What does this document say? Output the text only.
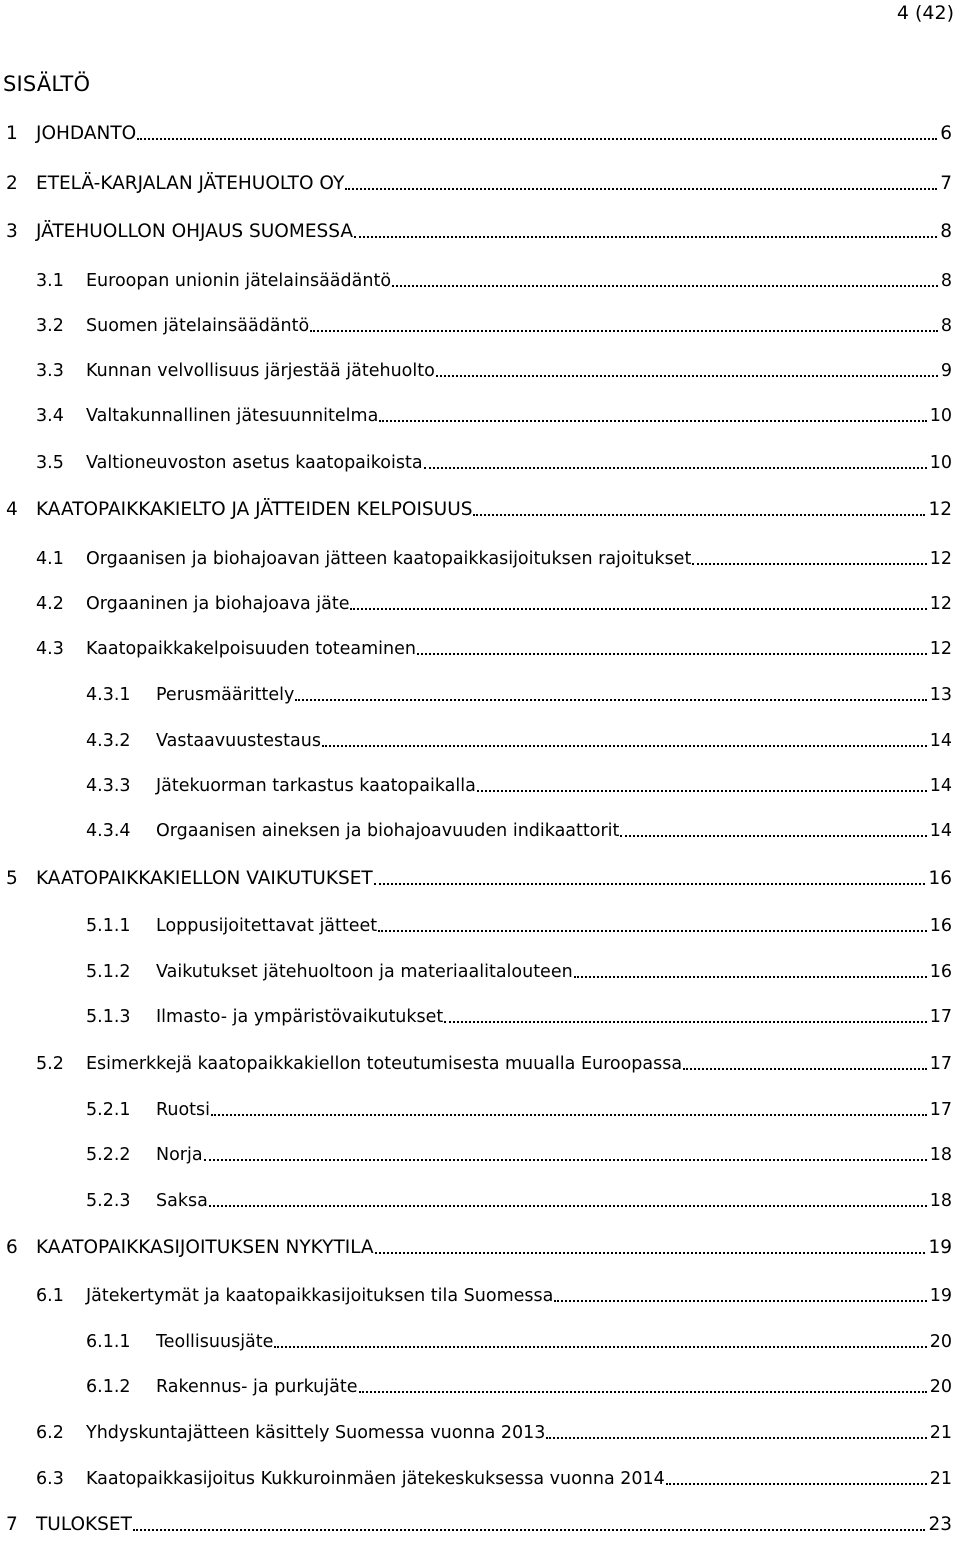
4 (42)
SISÄLTÖ
1 JOHDANTO	6
2 ETELÄ-KARJALAN JÄTEHUOLTO OY	7
3 JÄTEHUOLLON OHJAUS SUOMESSA	8
3.1	Euroopan unionin jätelainsäädäntö	8
3.2	Suomen jätelainsäädäntö	8
3.3	Kunnan velvollisuus järjestää jätehuolto	9
3.4	Valtakunnallinen jätesuunnitelma	10
3.5	Valtioneuvoston asetus kaatopaikoista	10
4 KAATOPAIKKAKIELTO JA JÄTTEIDEN KELPOISUUS	12
4.1	Orgaanisen ja biohajoavan jätteen kaatopaikkasijoituksen rajoitukset	12
4.2	Orgaaninen ja biohajoava jäte	12
4.3	Kaatopaikkakelpoisuuden toteaminen	12
4.3.1	Perusmäärittely	13
4.3.2	Vastaavuustestaus	14
4.3.3	Jätekuorman tarkastus kaatopaikalla	14
4.3.4	Orgaanisen aineksen ja biohajoavuuden indikaattorit	14
5 KAATOPAIKKAKIELLON VAIKUTUKSET	16
5.1.1	Loppusijoitettavat jätteet	16
5.1.2	Vaikutukset jätehuoltoon ja materiaalitalouteen	16
5.1.3	Ilmasto- ja ympäristövaikutukset	17
5.2	Esimerkkejä kaatopaikkakiellon toteutumisesta muualla Euroopassa	17
5.2.1	Ruotsi	17
5.2.2	Norja	18
5.2.3	Saksa	18
6 KAATOPAIKKASIJOITUKSEN NYKYTILA	19
6.1	Jätekertymät ja kaatopaikkasijoituksen tila Suomessa	19
6.1.1	Teollisuusjäte	20
6.1.2	Rakennus- ja purkujäte	20
6.2	Yhdyskuntajätteen käsittely Suomessa vuonna 2013	21
6.3	Kaatopaikkasijoitus Kukkuroinmäen jätekeskuksessa vuonna 2014	21
7 TULOKSET	23
